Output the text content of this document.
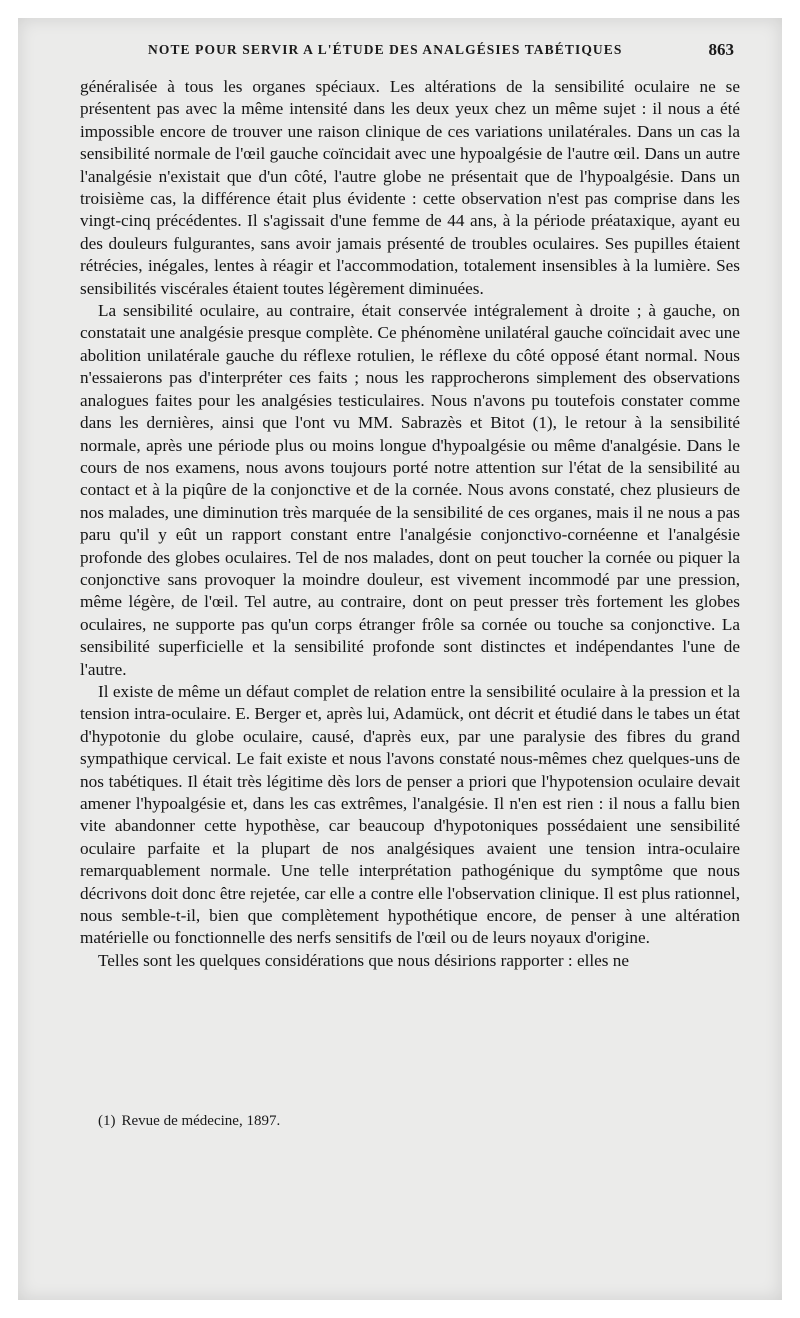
NOTE POUR SERVIR A L'ÉTUDE DES ANALGÉSIES TABÉTIQUES	863

généralisée à tous les organes spéciaux. Les altérations de la sensibilité oculaire ne se présentent pas avec la même intensité dans les deux yeux chez un même sujet : il nous a été impossible encore de trouver une raison clinique de ces variations unilatérales. Dans un cas la sensibilité normale de l'œil gauche coïncidait avec une hypoalgésie de l'autre œil. Dans un autre l'analgésie n'existait que d'un côté, l'autre globe ne présentait que de l'hypoalgésie. Dans un troisième cas, la différence était plus évidente : cette observation n'est pas comprise dans les vingt-cinq précédentes. Il s'agissait d'une femme de 44 ans, à la période préataxique, ayant eu des douleurs fulgurantes, sans avoir jamais présenté de troubles oculaires. Ses pupilles étaient rétrécies, inégales, lentes à réagir et l'accommodation, totalement insensibles à la lumière. Ses sensibilités viscérales étaient toutes légèrement diminuées.

La sensibilité oculaire, au contraire, était conservée intégralement à droite ; à gauche, on constatait une analgésie presque complète. Ce phénomène unilatéral gauche coïncidait avec une abolition unilatérale gauche du réflexe rotulien, le réflexe du côté opposé étant normal. Nous n'essaierons pas d'interpréter ces faits ; nous les rapprocherons simplement des observations analogues faites pour les analgésies testiculaires. Nous n'avons pu toutefois constater comme dans les dernières, ainsi que l'ont vu MM. Sabrazès et Bitot (1), le retour à la sensibilité normale, après une période plus ou moins longue d'hypoalgésie ou même d'analgésie. Dans le cours de nos examens, nous avons toujours porté notre attention sur l'état de la sensibilité au contact et à la piqûre de la conjonctive et de la cornée. Nous avons constaté, chez plusieurs de nos malades, une diminution très marquée de la sensibilité de ces organes, mais il ne nous a pas paru qu'il y eût un rapport constant entre l'analgésie conjonctivo-cornéenne et l'analgésie profonde des globes oculaires. Tel de nos malades, dont on peut toucher la cornée ou piquer la conjonctive sans provoquer la moindre douleur, est vivement incommodé par une pression, même légère, de l'œil. Tel autre, au contraire, dont on peut presser très fortement les globes oculaires, ne supporte pas qu'un corps étranger frôle sa cornée ou touche sa conjonctive. La sensibilité superficielle et la sensibilité profonde sont distinctes et indépendantes l'une de l'autre.

Il existe de même un défaut complet de relation entre la sensibilité oculaire à la pression et la tension intra-oculaire. E. Berger et, après lui, Adamück, ont décrit et étudié dans le tabes un état d'hypotonie du globe oculaire, causé, d'après eux, par une paralysie des fibres du grand sympathique cervical. Le fait existe et nous l'avons constaté nous-mêmes chez quelques-uns de nos tabétiques. Il était très légitime dès lors de penser a priori que l'hypotension oculaire devait amener l'hypoalgésie et, dans les cas extrêmes, l'analgésie. Il n'en est rien : il nous a fallu bien vite abandonner cette hypothèse, car beaucoup d'hypotoniques possédaient une sensibilité oculaire parfaite et la plupart de nos analgésiques avaient une tension intra-oculaire remarquablement normale. Une telle interprétation pathogénique du symptôme que nous décrivons doit donc être rejetée, car elle a contre elle l'observation clinique. Il est plus rationnel, nous semble-t-il, bien que complètement hypothétique encore, de penser à une altération matérielle ou fonctionnelle des nerfs sensitifs de l'œil ou de leurs noyaux d'origine.

Telles sont les quelques considérations que nous désirions rapporter : elles ne

(1) Revue de médecine, 1897.
